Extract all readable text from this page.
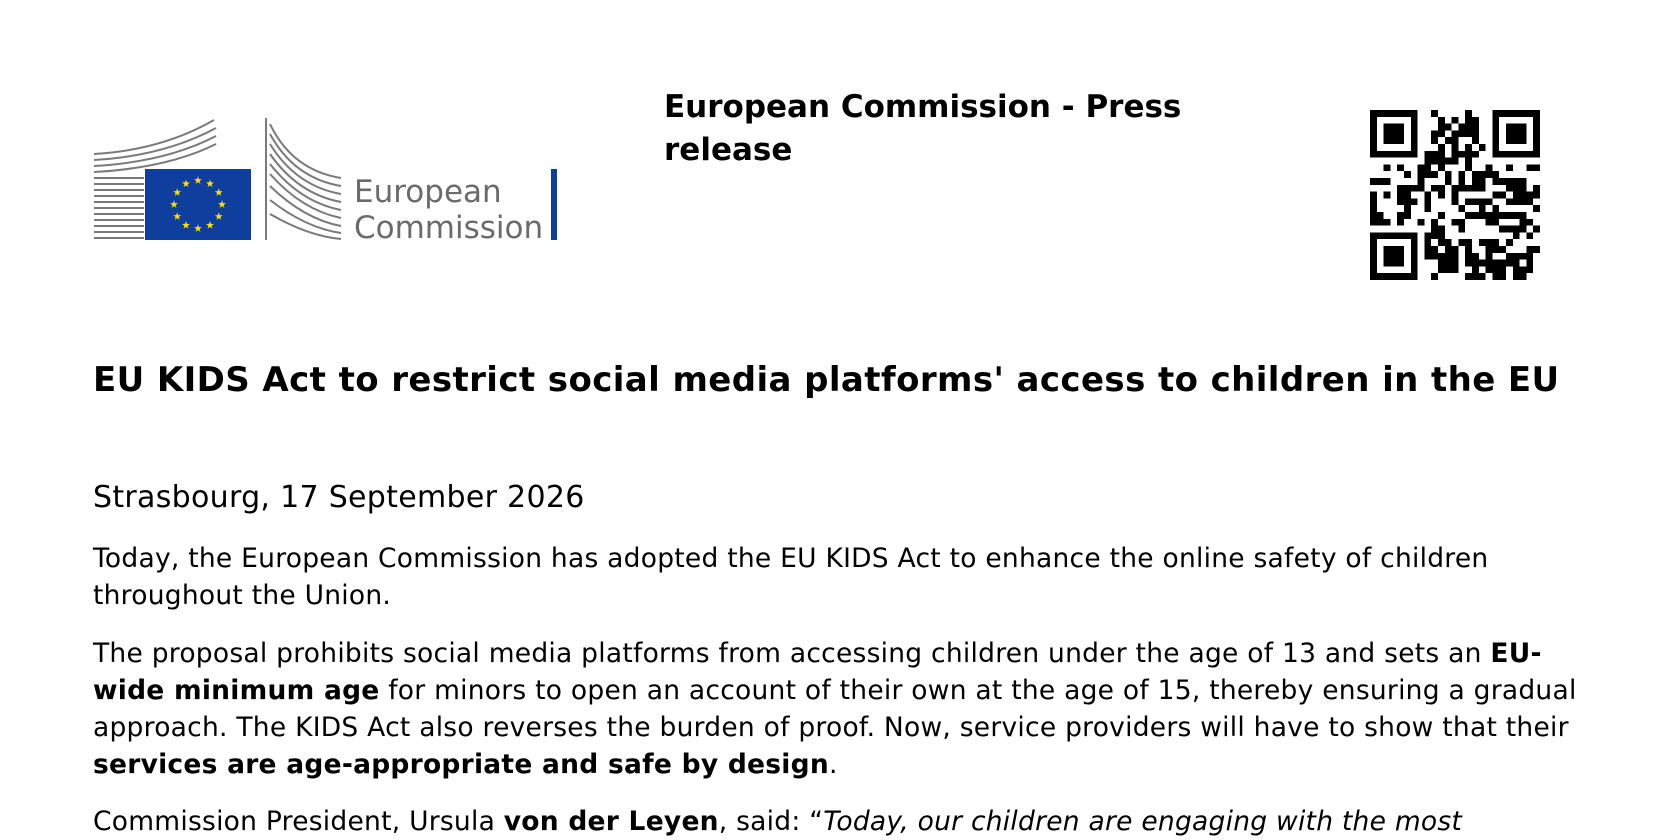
European
Commission
European Commission - Press release
EU KIDS Act to restrict social media platforms' access to children in the EU
Strasbourg, 17 September 2026

Today, the European Commission has adopted the EU KIDS Act to enhance the online safety of children throughout the Union.

The proposal prohibits social media platforms from accessing children under the age of 13 and sets an EU-wide minimum age for minors to open an account of their own at the age of 15, thereby ensuring a gradual approach. The KIDS Act also reverses the burden of proof. Now, service providers will have to show that their services are age-appropriate and safe by design.

Commission President, Ursula von der Leyen, said: “Today, our children are engaging with the most
